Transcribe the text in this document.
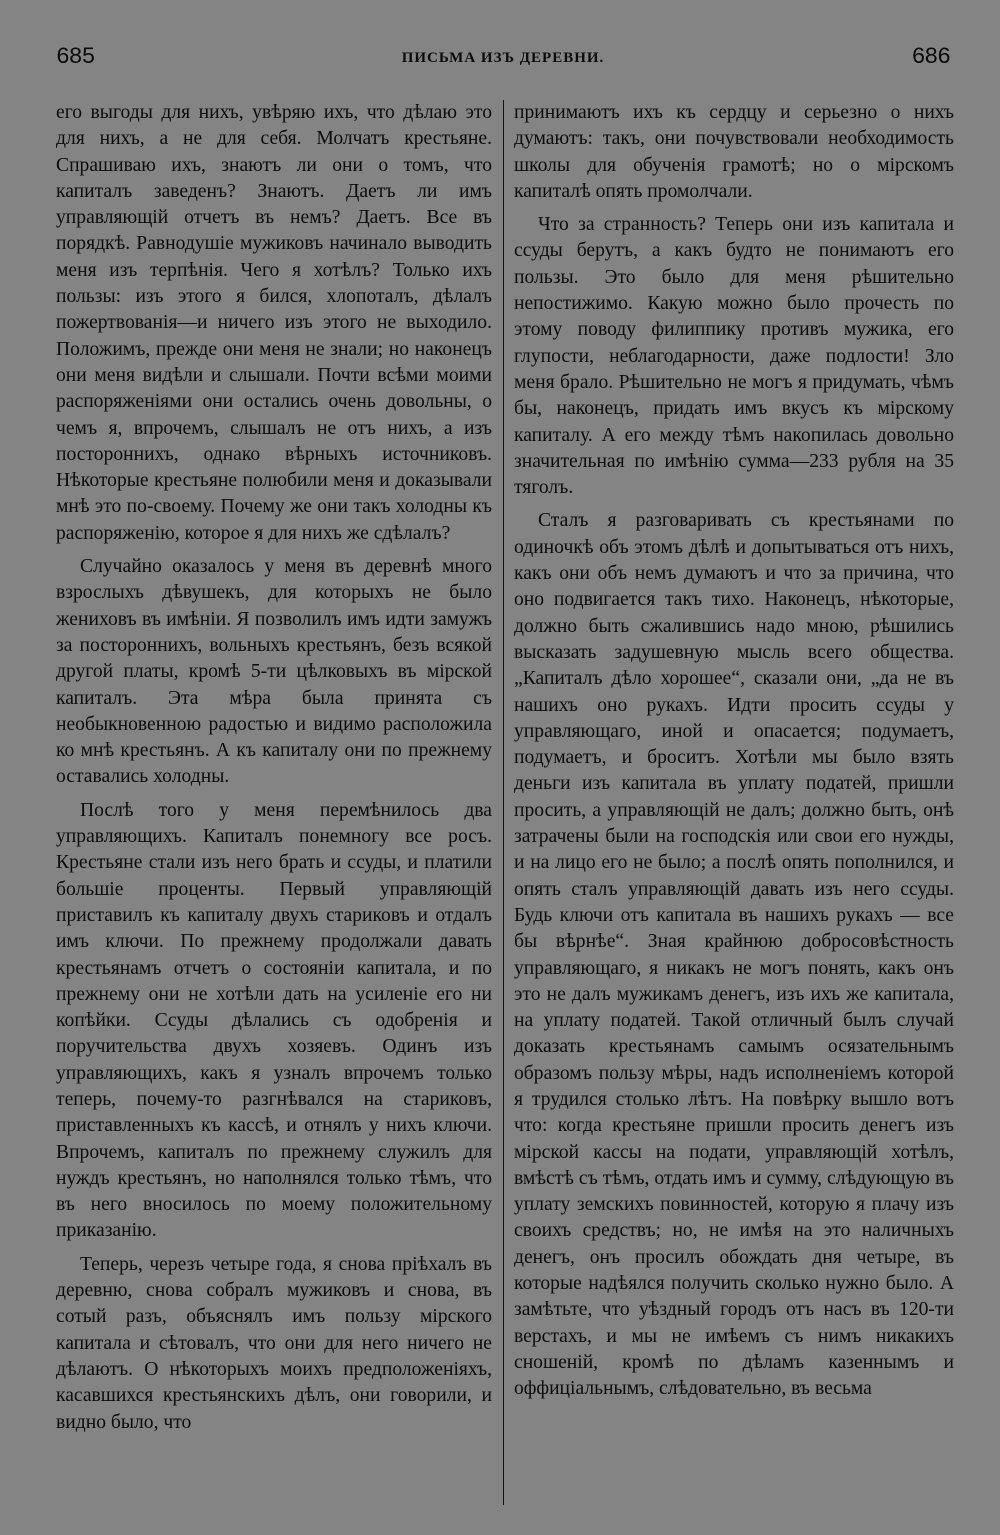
685	ПИСЬМА ИЗЪ ДЕРЕВНИ.	686

его выгоды для нихъ, увѣряю ихъ, что дѣлаю это для нихъ, а не для себя. Молчатъ крестьяне. Спрашиваю ихъ, знаютъ ли они о томъ, что капиталъ заведенъ? Знаютъ. Даетъ ли имъ управляющій отчетъ въ немъ? Даетъ. Все въ порядкѣ. Равнодушіе мужиковъ начинало выводить меня изъ терпѣнія. Чего я хотѣлъ? Только ихъ пользы: изъ этого я бился, хлопоталъ, дѣлалъ пожертвованія—и ничего изъ этого не выходило. Положимъ, прежде они меня не знали; но наконецъ они меня видѣли и слышали. Почти всѣми моими распоряженіями они остались очень довольны, о чемъ я, впрочемъ, слышалъ не отъ нихъ, а изъ постороннихъ, однако вѣрныхъ источниковъ. Нѣкоторые крестьяне полюбили меня и доказывали мнѣ это по-своему. Почему же они такъ холодны къ распоряженію, которое я для нихъ же сдѣлалъ?

Случайно оказалось у меня въ деревнѣ много взрослыхъ дѣвушекъ, для которыхъ не было жениховъ въ имѣніи. Я позволилъ имъ идти замужъ за постороннихъ, вольныхъ крестьянъ, безъ всякой другой платы, кромѣ 5-ти цѣлковыхъ въ мірской капиталъ. Эта мѣра была принята съ необыкновенною радостью и видимо расположила ко мнѣ крестьянъ. А къ капиталу они по прежнему оставались холодны.

Послѣ того у меня перемѣнилось два управляющихъ. Капиталъ понемногу все росъ. Крестьяне стали изъ него брать и ссуды, и платили большіе проценты. Первый управляющій приставилъ къ капиталу двухъ стариковъ и отдалъ имъ ключи. По прежнему продолжали давать крестьянамъ отчетъ о состояніи капитала, и по прежнему они не хотѣли дать на усиленіе его ни копѣйки. Ссуды дѣлались съ одобренія и поручительства двухъ хозяевъ. Одинъ изъ управляющихъ, какъ я узналъ впрочемъ только теперь, почему-то разгнѣвался на стариковъ, приставленныхъ къ кассѣ, и отнялъ у нихъ ключи. Впрочемъ, капиталъ по прежнему служилъ для нуждъ крестьянъ, но наполнялся только тѣмъ, что въ него вносилось по моему положительному приказанію.

Теперь, черезъ четыре года, я снова пріѣхалъ въ деревню, снова собралъ мужиковъ и снова, въ сотый разъ, объяснялъ имъ пользу мірского капитала и сѣтовалъ, что они для него ничего не дѣлаютъ. О нѣкоторыхъ моихъ предположеніяхъ, касавшихся крестьянскихъ дѣлъ, они говорили, и видно было, что

принимаютъ ихъ къ сердцу и серьезно о нихъ думаютъ: такъ, они почувствовали необходимость школы для обученія грамотѣ; но о мірскомъ капиталѣ опять промолчали.

Что за странность? Теперь они изъ капитала и ссуды берутъ, а какъ будто не понимаютъ его пользы. Это было для меня рѣшительно непостижимо. Какую можно было прочесть по этому поводу филиппику противъ мужика, его глупости, неблагодарности, даже подлости! Зло меня брало. Рѣшительно не могъ я придумать, чѣмъ бы, наконецъ, придать имъ вкусъ къ мірскому капиталу. А его между тѣмъ накопилась довольно значительная по имѣнію сумма—233 рубля на 35 тяголъ.

Сталъ я разговаривать съ крестьянами по одиночкѣ объ этомъ дѣлѣ и допытываться отъ нихъ, какъ они объ немъ думаютъ и что за причина, что оно подвигается такъ тихо. Наконецъ, нѣкоторые, должно быть сжалившись надо мною, рѣшились высказать задушевную мысль всего общества. „Капиталъ дѣло хорошее“, сказали они, „да не въ нашихъ оно рукахъ. Идти просить ссуды у управляющаго, иной и опасается; подумаетъ, подумаетъ, и броситъ. Хотѣли мы было взять деньги изъ капитала въ уплату податей, пришли просить, а управляющій не далъ; должно быть, онѣ затрачены были на господскія или свои его нужды, и на лицо его не было; а послѣ опять пополнился, и опять сталъ управляющій давать изъ него ссуды. Будь ключи отъ капитала въ нашихъ рукахъ — все бы вѣрнѣе“. Зная крайнюю добросовѣстность управляющаго, я никакъ не могъ понять, какъ онъ это не далъ мужикамъ денегъ, изъ ихъ же капитала, на уплату податей. Такой отличный былъ случай доказать крестьянамъ самымъ осязательнымъ образомъ пользу мѣры, надъ исполненіемъ которой я трудился столько лѣтъ. На повѣрку вышло вотъ что: когда крестьяне пришли просить денегъ изъ мірской кассы на подати, управляющій хотѣлъ, вмѣстѣ съ тѣмъ, отдать имъ и сумму, слѣдующую въ уплату земскихъ повинностей, которую я плачу изъ своихъ средствъ; но, не имѣя на это наличныхъ денегъ, онъ просилъ обождать дня четыре, въ которые надѣялся получить сколько нужно было. А замѣтьте, что уѣздный городъ отъ насъ въ 120-ти верстахъ, и мы не имѣемъ съ нимъ никакихъ сношеній, кромѣ по дѣламъ казеннымъ и оффиціальнымъ, слѣдовательно, въ весьма
